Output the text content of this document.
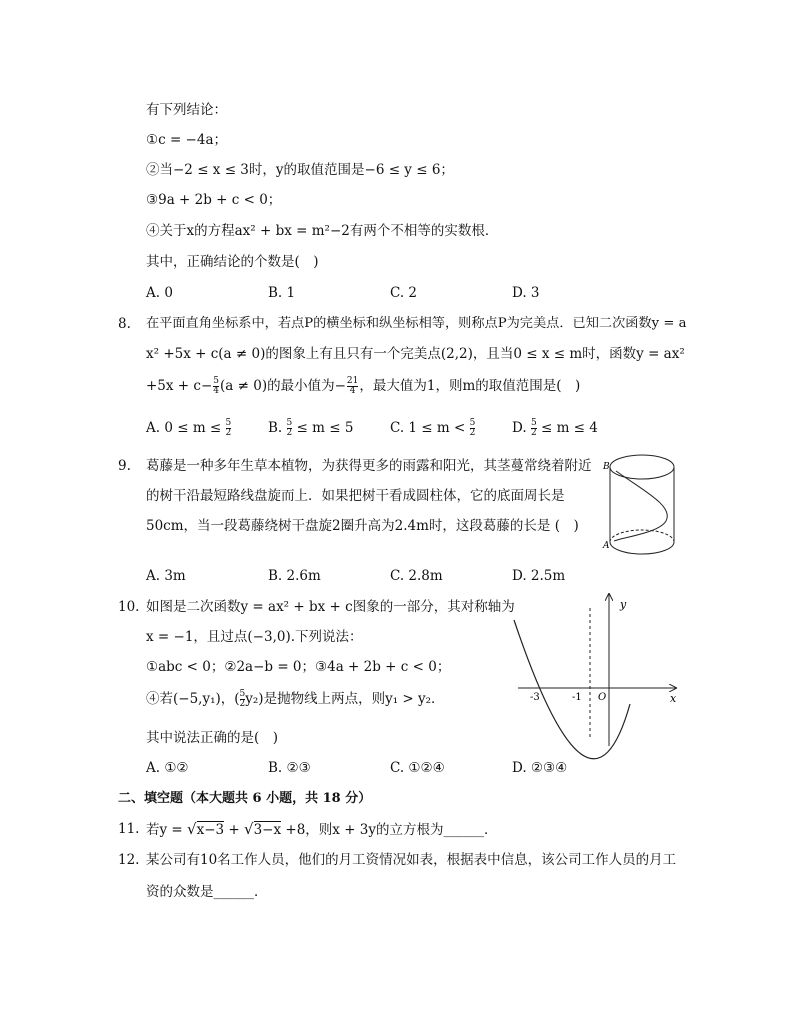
有下列结论：
①c = −4a；
②当−2 ≤ x ≤ 3时，y的取值范围是−6 ≤ y ≤ 6；
③9a + 2b + c < 0；
④关于x的方程ax² + bx = m²−2有两个不相等的实数根．
其中，正确结论的个数是(　)
A. 0	B. 1	C. 2	D. 3
8. 在平面直角坐标系中，若点P的横坐标和纵坐标相等，则称点P为完美点．已知二次函数y = a
x² +5x + c(a ≠ 0)的图象上有且只有一个完美点(2,2)，且当0 ≤ x ≤ m时，函数y = ax²
$+5x + c- \frac{5}{4} (a \ne 0)$的最小值为− $\frac{21}{4}$ ，最大值为1，则m的取值范围是(　)
A. $0 \le m \le \frac{5}{2}$	B. $\frac{5}{2} \le m \le 5$	C. $1 \le m < \frac{5}{2}$	D. $\frac{5}{2} \le m \le 4$
9. 葛藤是一种多年生草本植物，为获得更多的雨露和阳光，其茎蔓常绕着附近
的树干沿最短路线盘旋而上．如果把树干看成圆柱体，它的底面周长是
50cm，当一段葛藤绕树干盘旋2圈升高为2.4m时，这段葛藤的长是 (　)
B
A
A. 3m	B. 2.6m	C. 2.8m	D. 2.5m
10. 如图是二次函数y = ax² + bx + c图象的一部分，其对称轴为
x = −1，且过点(−3,0).下列说法：
①abc < 0；②2a−b = 0；③4a + 2b + c < 0；
④若(−5,y₁)，( $\frac{5}{2} y_2$)是抛物线上两点，则y₁ > y₂．
其中说法正确的是(　)
y
x
O
-3	-1
A. ①②	B. ②③	C. ①②④	D. ②③④
二、填空题（本大题共 6 小题，共 18 分）
11. 若y = √x−3 + √3−x +8，则x + 3y的立方根为______．
12. 某公司有10名工作人员，他们的月工资情况如表，根据表中信息，该公司工作人员的月工
资的众数是______．
